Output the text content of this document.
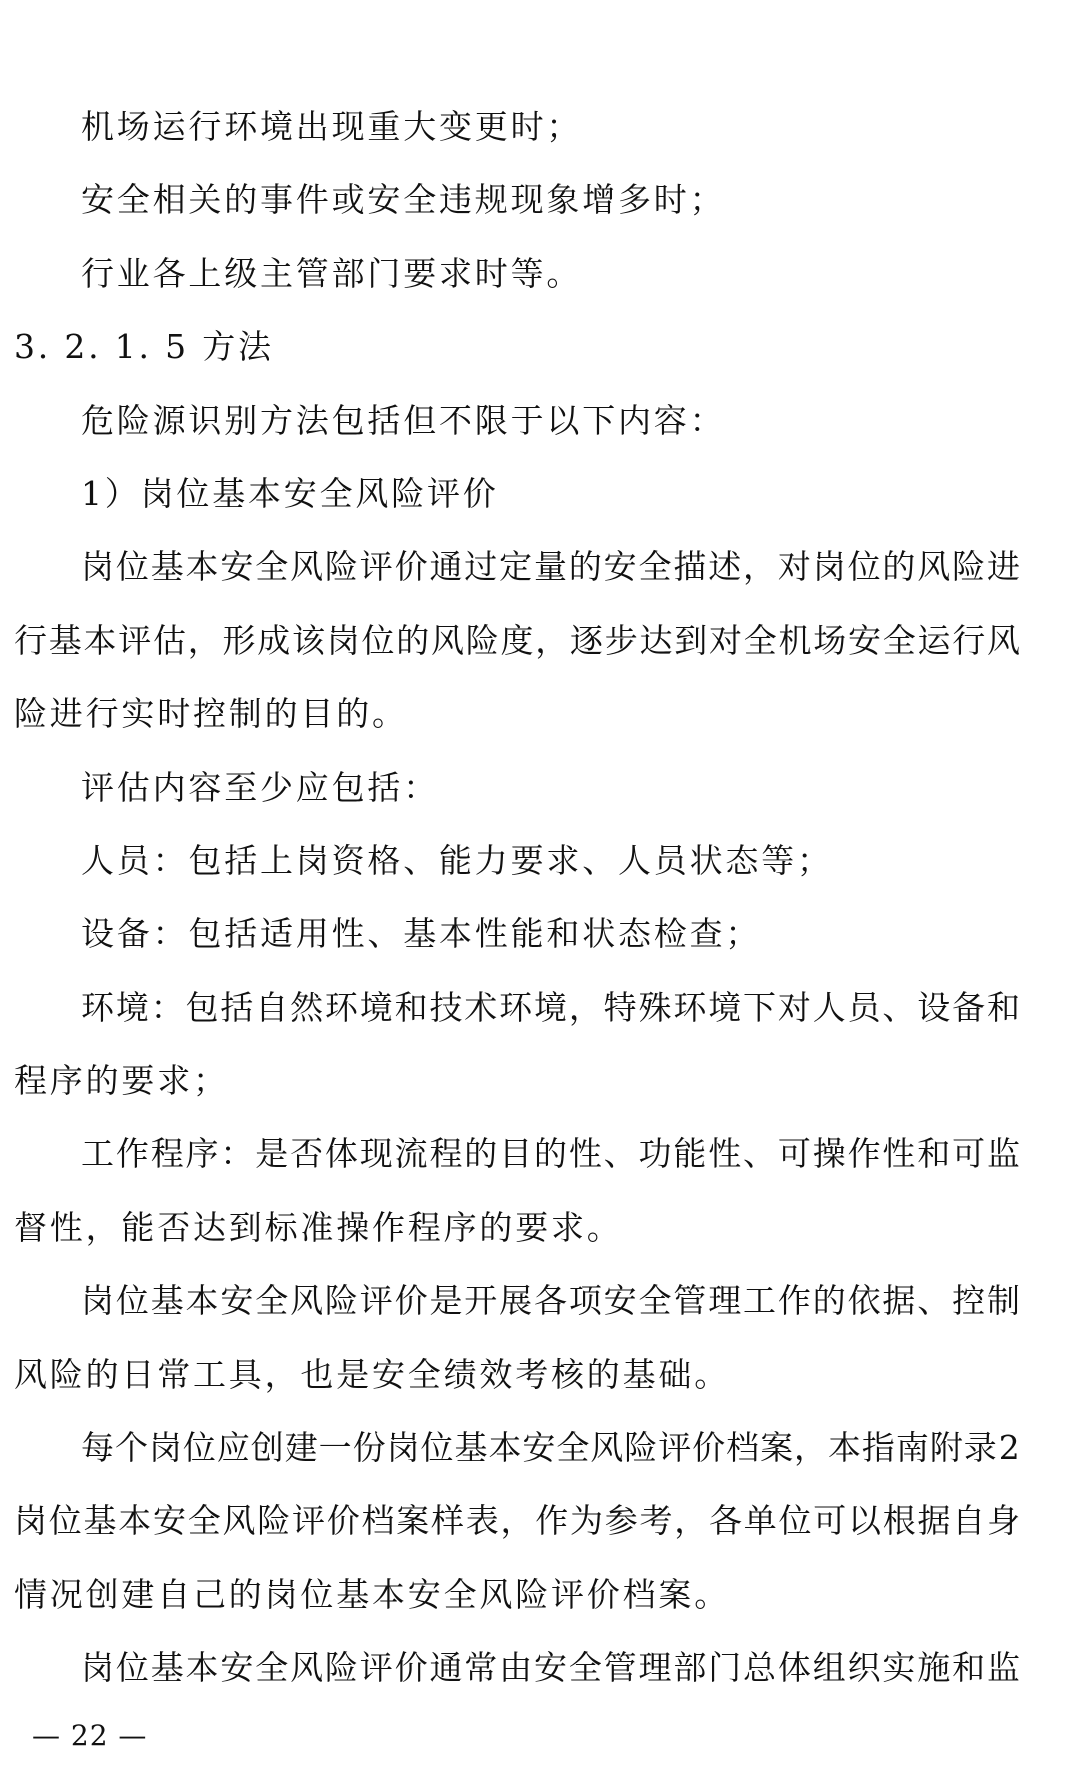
机场运行环境出现重大变更时；
安全相关的事件或安全违规现象增多时；
行业各上级主管部门要求时等。
3. 2. 1. 5 方法
危险源识别方法包括但不限于以下内容：
1）岗位基本安全风险评价
岗 位 基 本 安 全 风 险 评 价 通 过 定 量 的 安 全 描 述 ， 对 岗 位 的 风 险 进
行 基 本 评 估 ， 形 成 该 岗 位 的 风 险 度 ， 逐 步 达 到 对 全 机 场 安 全 运 行 风
险进行实时控制的目的。
评估内容至少应包括：
人员：包括上岗资格、能力要求、人员状态等；
设备：包括适用性、基本性能和状态检查；
环 境 ： 包 括 自 然 环 境 和 技 术 环 境 ， 特 殊 环 境 下 对 人 员 、 设 备 和
程序的要求；
工 作 程 序 ： 是 否 体 现 流 程 的 目 的 性 、 功 能 性 、 可 操 作 性 和 可 监
督性，能否达到标准操作程序的要求。
岗 位 基 本 安 全 风 险 评 价 是 开 展 各 项 安 全 管 理 工 作 的 依 据 、 控 制
风险的日常工具，也是安全绩效考核的基础。
每 个 岗 位 应 创 建 一 份 岗 位 基 本 安 全 风 险 评 价 档 案 ， 本 指 南 附 录 2
岗 位 基 本 安 全 风 险 评 价 档 案 样 表 ， 作 为 参 考 ， 各 单 位 可 以 根 据 自 身
情况创建自己的岗位基本安全风险评价档案。
岗 位 基 本 安 全 风 险 评 价 通 常 由 安 全 管 理 部 门 总 体 组 织 实 施 和 监
— 22 —
